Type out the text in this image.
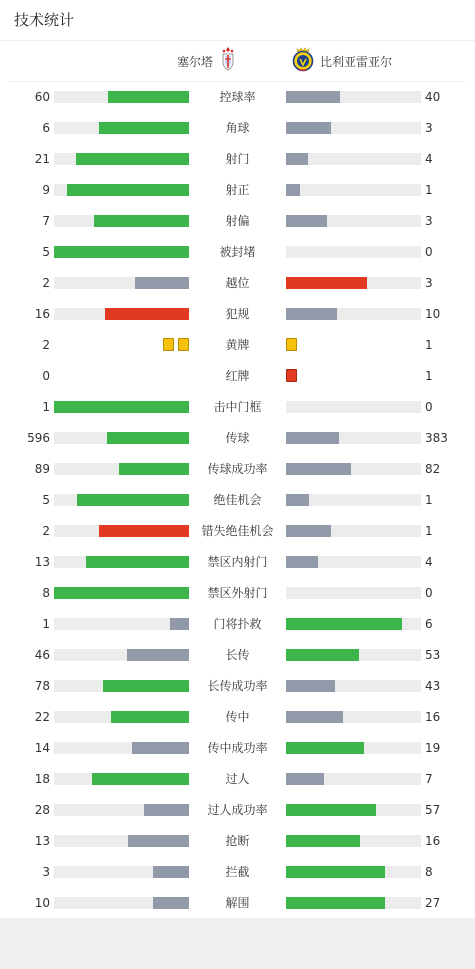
技术统计
塞尔塔	比利亚雷亚尔
60	控球率	40
6	角球	3
21	射门	4
9	射正	1
7	射偏	3
5	被封堵	0
2	越位	3
16	犯规	10
2	黄牌	1
0	红牌	1
1	击中门框	0
596	传球	383
89	传球成功率	82
5	绝佳机会	1
2	错失绝佳机会	1
13	禁区内射门	4
8	禁区外射门	0
1	门将扑救	6
46	长传	53
78	长传成功率	43
22	传中	16
14	传中成功率	19
18	过人	7
28	过人成功率	57
13	抢断	16
3	拦截	8
10	解围	27
